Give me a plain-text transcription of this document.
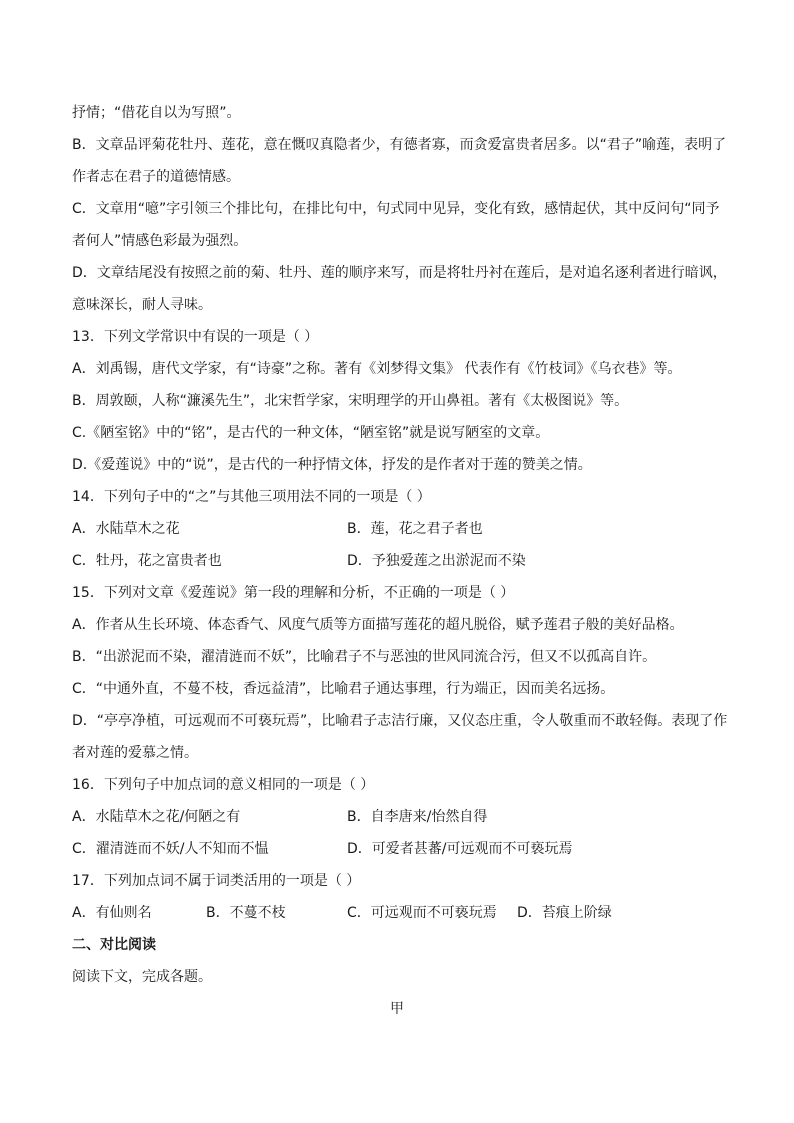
抒情；“借花自以为写照”。
B．文章品评菊花牡丹、莲花，意在慨叹真隐者少，有德者寡，而贪爱富贵者居多。以“君子”喻莲，表明了
作者志在君子的道德情感。
C．文章用“噫”字引领三个排比句，在排比句中，句式同中见异，变化有致，感情起伏，其中反问句“同予
者何人”情感色彩最为强烈。
D．文章结尾没有按照之前的菊、牡丹、莲的顺序来写，而是将牡丹衬在莲后，是对追名逐利者进行暗讽，
意味深长，耐人寻味。
13．下列文学常识中有误的一项是（ ）
A．刘禹锡，唐代文学家，有“诗豪”之称。著有《刘梦得文集》 代表作有《竹枝词》《乌衣巷》等。
B．周敦颐，人称“濂溪先生”，北宋哲学家，宋明理学的开山鼻祖。著有《太极图说》等。
C.《陋室铭》中的“铭”，是古代的一种文体，“陋室铭”就是说写陋室的文章。
D.《爱莲说》中的“说”，是古代的一种抒情文体，抒发的是作者对于莲的赞美之情。
14．下列句子中的“之”与其他三项用法不同的一项是（ ）
A．水陆草木之花	B．莲，花之君子者也
C．牡丹，花之富贵者也	D．予独爱莲之出淤泥而不染
15．下列对文章《爱莲说》第一段的理解和分析，不正确的一项是（ ）
A．作者从生长环境、体态香气、风度气质等方面描写莲花的超凡脱俗，赋予莲君子般的美好品格。
B．“出淤泥而不染，濯清涟而不妖”，比喻君子不与恶浊的世风同流合污，但又不以孤高自许。
C．“中通外直，不蔓不枝，香远益清”，比喻君子通达事理，行为端正，因而美名远扬。
D．“亭亭净植，可远观而不可亵玩焉”，比喻君子志洁行廉，又仪态庄重，令人敬重而不敢轻侮。表现了作
者对莲的爱慕之情。
16．下列句子中加点词的意义相同的一项是（ ）
A．水陆草木之花/何陋之有	B．自李唐来/怡然自得
C．濯清涟而不妖/人不知而不愠	D．可爱者甚蕃/可远观而不可亵玩焉
17．下列加点词不属于词类活用的一项是（ ）
A．有仙则名	B．不蔓不枝	C．可远观而不可亵玩焉 D．苔痕上阶绿
二、对比阅读
阅读下文，完成各题。
甲
